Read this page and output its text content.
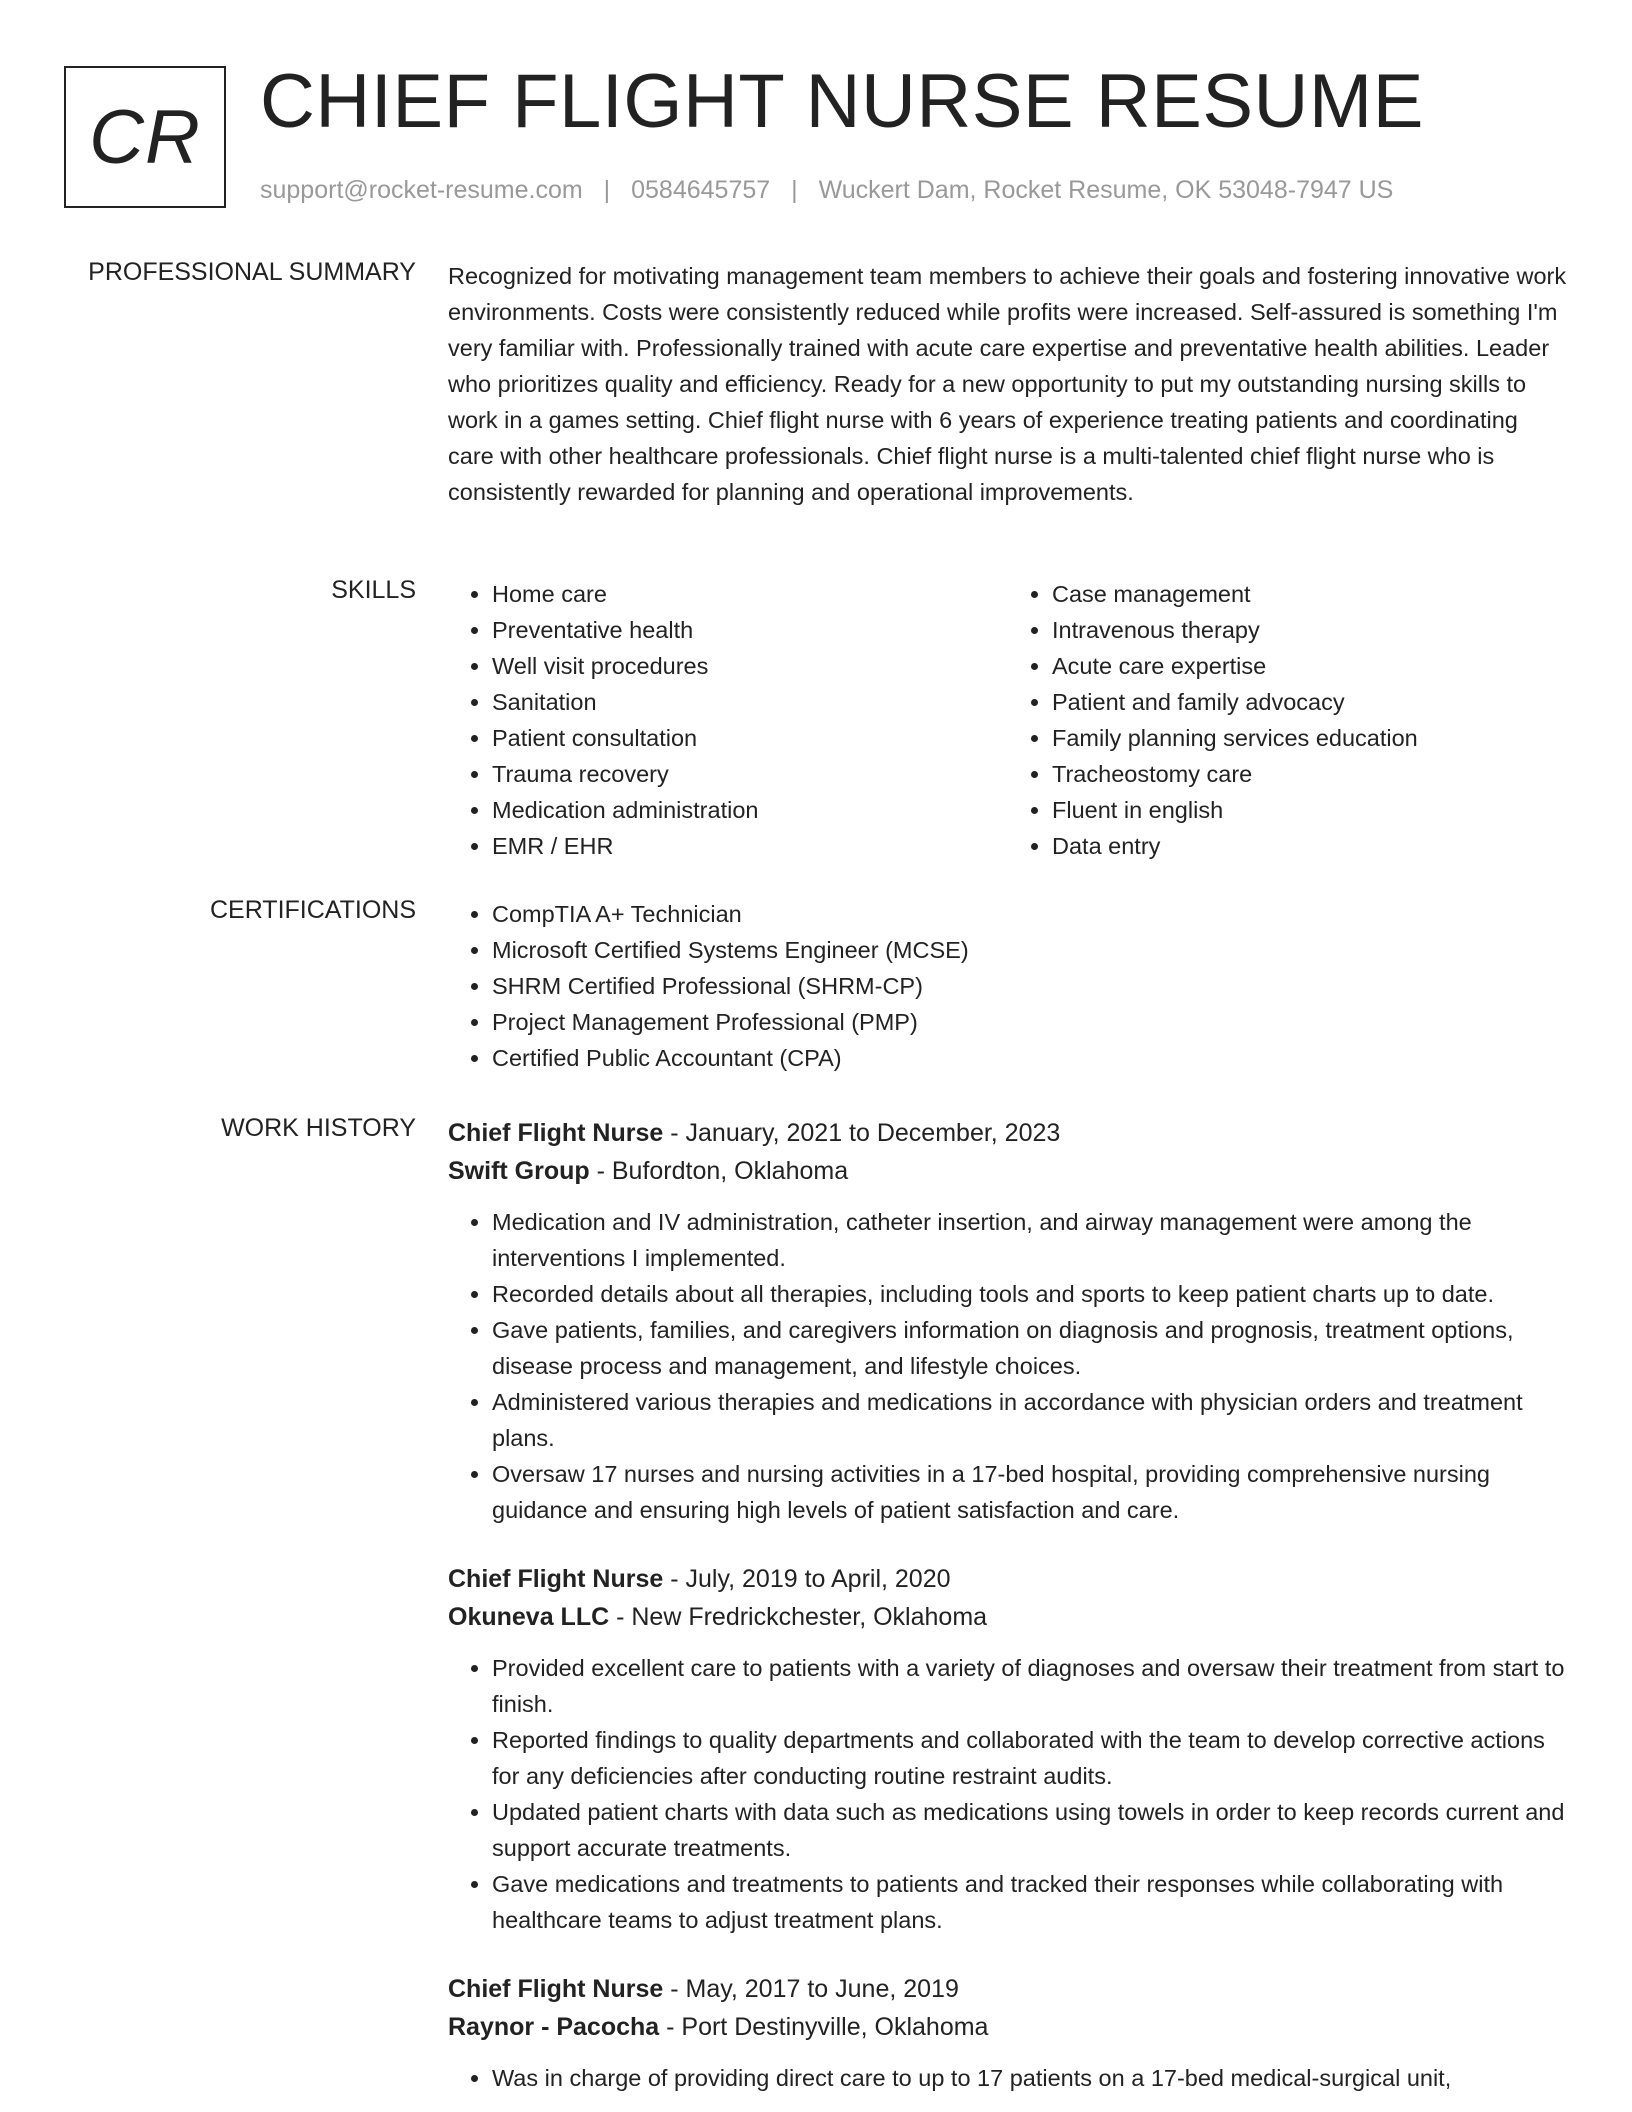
CR CHIEF FLIGHT NURSE RESUME
support@rocket-resume.com | 0584645757 | Wuckert Dam, Rocket Resume, OK 53048-7947 US
PROFESSIONAL SUMMARY Recognized for motivating management team members to achieve their goals and fostering innovative work environments. Costs were consistently reduced while profits were increased. Self-assured is something I'm very familiar with. Professionally trained with acute care expertise and preventative health abilities. Leader who prioritizes quality and efficiency. Ready for a new opportunity to put my outstanding nursing skills to work in a games setting. Chief flight nurse with 6 years of experience treating patients and coordinating care with other healthcare professionals. Chief flight nurse is a multi-talented chief flight nurse who is consistently rewarded for planning and operational improvements.

SKILLS	• Home care
• Preventative health
• Well visit procedures
• Sanitation
• Patient consultation
• Trauma recovery
• Medication administration
• EMR / EHR
• Case management
• Intravenous therapy
• Acute care expertise
• Patient and family advocacy
• Family planning services education
• Tracheostomy care
• Fluent in english
• Data entry
CERTIFICATIONS	• CompTIA A+ Technician
• Microsoft Certified Systems Engineer (MCSE)
• SHRM Certified Professional (SHRM-CP)
• Project Management Professional (PMP)
• Certified Public Accountant (CPA)
WORK HISTORY Chief Flight Nurse - January, 2021 to December, 2023
Swift Group - Bufordton, Oklahoma
• Medication and IV administration, catheter insertion, and airway management were among the interventions I implemented.
• Recorded details about all therapies, including tools and sports to keep patient charts up to date.
• Gave patients, families, and caregivers information on diagnosis and prognosis, treatment options, disease process and management, and lifestyle choices.
• Administered various therapies and medications in accordance with physician orders and treatment plans.
• Oversaw 17 nurses and nursing activities in a 17-bed hospital, providing comprehensive nursing guidance and ensuring high levels of patient satisfaction and care.
Chief Flight Nurse - July, 2019 to April, 2020
Okuneva LLC - New Fredrickchester, Oklahoma
• Provided excellent care to patients with a variety of diagnoses and oversaw their treatment from start to finish.
• Reported findings to quality departments and collaborated with the team to develop corrective actions for any deficiencies after conducting routine restraint audits.
• Updated patient charts with data such as medications using towels in order to keep records current and support accurate treatments.
• Gave medications and treatments to patients and tracked their responses while collaborating with healthcare teams to adjust treatment plans.
Chief Flight Nurse - May, 2017 to June, 2019
Raynor - Pacocha - Port Destinyville, Oklahoma
• Was in charge of providing direct care to up to 17 patients on a 17-bed medical-surgical unit,
